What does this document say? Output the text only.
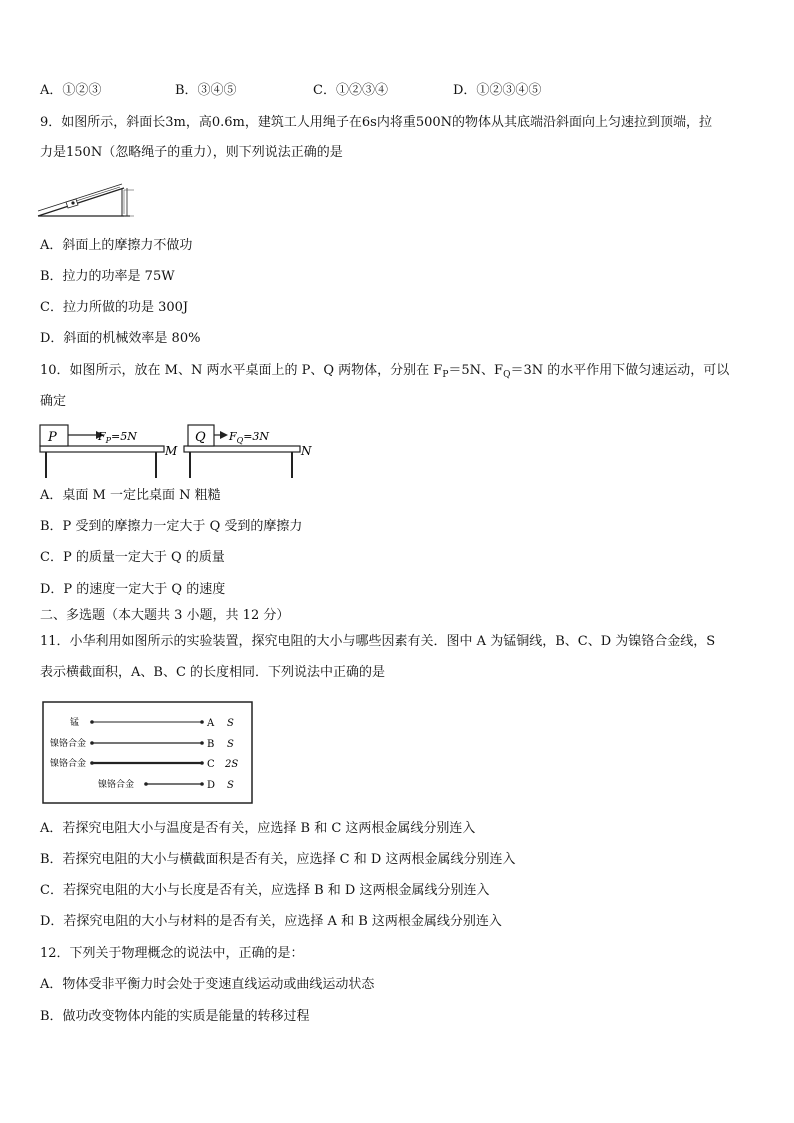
A．①②③	B．③④⑤	C．①②③④	D．①②③④⑤
9．如图所示，斜面长3m，高0.6m，建筑工人用绳子在6s内将重500N的物体从其底端沿斜面向上匀速拉到顶端，拉
力是150N（忽略绳子的重力），则下列说法正确的是
A．斜面上的摩擦力不做功
B．拉力的功率是 75W
C．拉力所做的功是 300J
D．斜面的机械效率是 80%
10．如图所示，放在 M、N 两水平桌面上的 P、Q 两物体，分别在 $F_P=5N$、$F_Q=3N$ 的水平作用下做匀速运动，可以
确定
P	$F_P=5N$
M
Q $F_Q=3N$
N
A．桌面 M 一定比桌面 N 粗糙
B．P 受到的摩擦力一定大于 Q 受到的摩擦力
C．P 的质量一定大于 Q 的质量
D．P 的速度一定大于 Q 的速度
二、多选题（本大题共 3 小题，共 12 分）
11．小华利用如图所示的实验装置，探究电阻的大小与哪些因素有关．图中 A 为锰铜线，B、C、D 为镍铬合金线，S
表示横截面积，A、B、C 的长度相同．下列说法中正确的是
锰	A S
镍铬合金	B S
镍铬合金	C 2S
镍铬合金	D S
A．若探究电阻大小与温度是否有关，应选择 B 和 C 这两根金属线分别连入
B．若探究电阻的大小与横截面积是否有关，应选择 C 和 D 这两根金属线分别连入
C．若探究电阻的大小与长度是否有关，应选择 B 和 D 这两根金属线分别连入
D．若探究电阻的大小与材料的是否有关，应选择 A 和 B 这两根金属线分别连入
12．下列关于物理概念的说法中，正确的是：
A．物体受非平衡力时会处于变速直线运动或曲线运动状态
B．做功改变物体内能的实质是能量的转移过程
